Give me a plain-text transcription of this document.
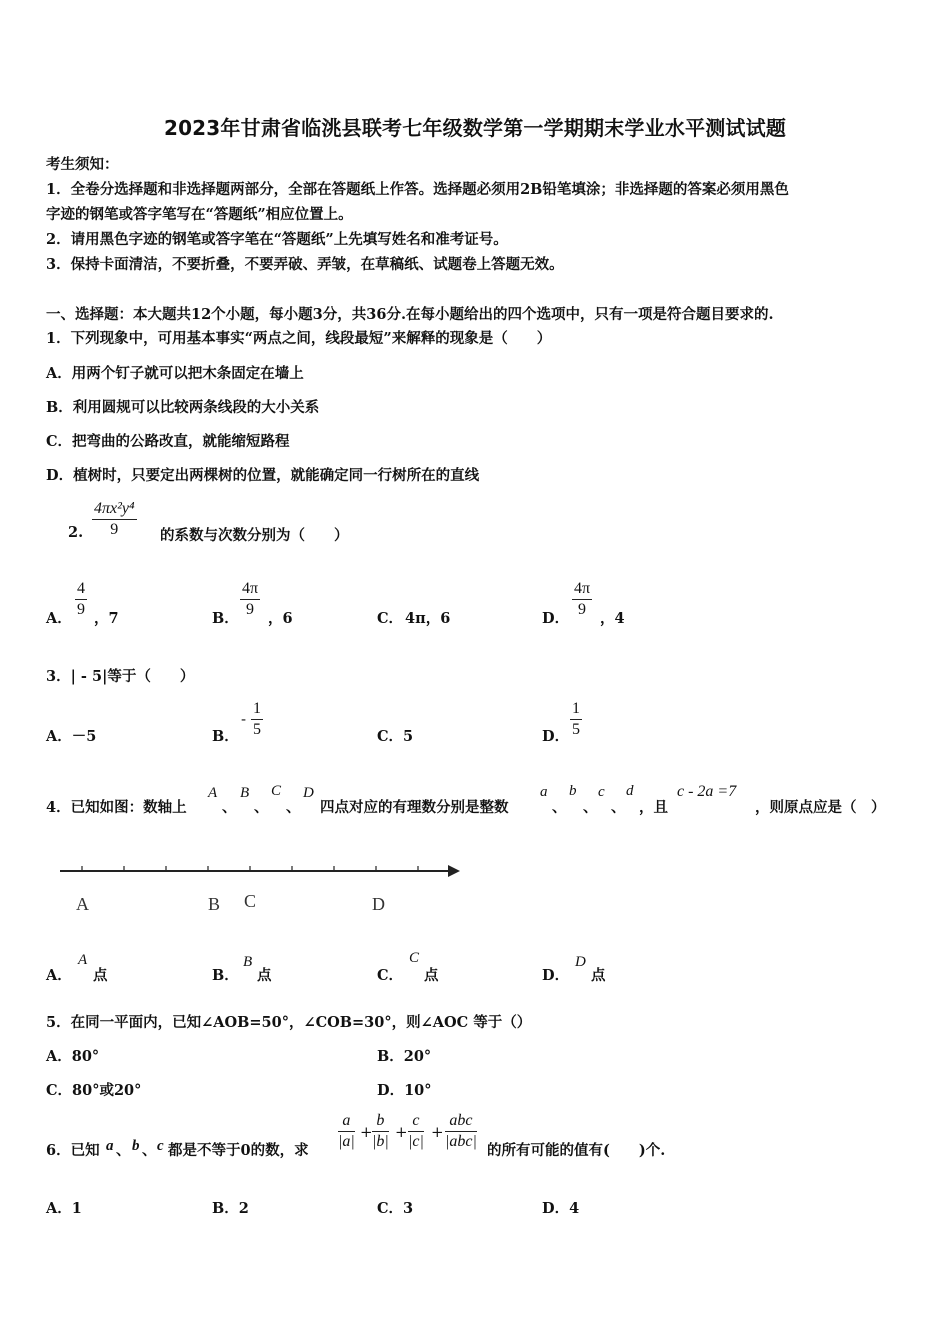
2023年甘肃省临洮县联考七年级数学第一学期期末学业水平测试试题
考生须知：
1．全卷分选择题和非选择题两部分，全部在答题纸上作答。选择题必须用2B铅笔填涂；非选择题的答案必须用黑色
字迹的钢笔或答字笔写在“答题纸”相应位置上。
2．请用黑色字迹的钢笔或答字笔在“答题纸”上先填写姓名和准考证号。
3．保持卡面清洁，不要折叠，不要弄破、弄皱，在草稿纸、试题卷上答题无效。
一、选择题：本大题共12个小题，每小题3分，共36分.在每小题给出的四个选项中，只有一项是符合题目要求的.
1．下列现象中，可用基本事实“两点之间，线段最短”来解释的现象是（　　）
A．用两个钉子就可以把木条固定在墙上
B．利用圆规可以比较两条线段的大小关系
C．把弯曲的公路改直，就能缩短路程
D．植树时，只要定出两棵树的位置，就能确定同一行树所在的直线
2. $\frac{\text{4πx²y⁴}}{9}$ 的系数与次数分别为（　　）
A． $\frac{4}{9}$ ，7	B． $\frac{4\pi}{9}$ ，6	C． 4π，6	D． $\frac{4\pi}{9}$ ，4
3．| - 5|等于（　　）
A．－5	B．
- $\frac{1}{5}$	C．5	D． $\frac{1}{5}$
4．已知如图：数轴上
A
、
B
、
C
、
D
四点对应的有理数分别是整数
a
、
b
、
c
、
d
，且
c - 2a =7
，则原点应是（　）
A	B C	D
A．
A
点	B．
B
点	C．
C
点	D．
D
点
5．在同一平面内，已知∠AOB=50°，∠COB=30°，则∠AOC 等于（）
A．80°	B．20°
C．80°或20°	D．10°
6．已知 a 、 b 、 c 都是不等于0的数，求 $\frac{a}{|a|} + \frac{b}{|b|} + \frac{c}{|c|}$ +
abc
|abc|
的所有可能的值有(　　)个.
A．1	B．2	C．3	D．4
